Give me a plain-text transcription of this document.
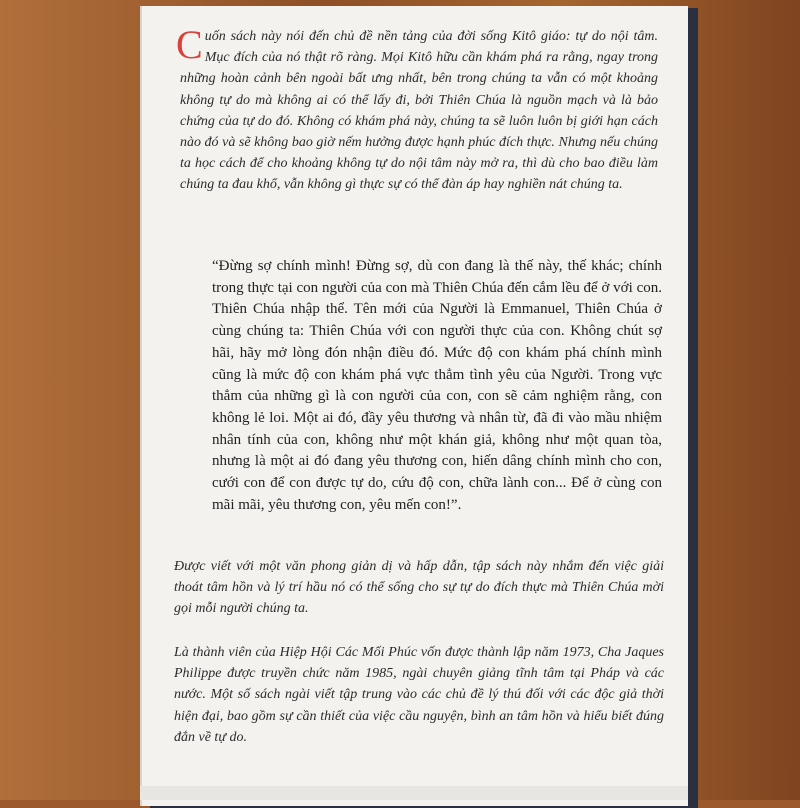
Cuốn sách này nói đến chủ đề nền tảng của đời sống Kitô giáo: tự do nội tâm. Mục đích của nó thật rõ ràng. Mọi Kitô hữu cần khám phá ra rằng, ngay trong những hoàn cảnh bên ngoài bất ưng nhất, bên trong chúng ta vẫn có một khoảng không tự do mà không ai có thể lấy đi, bởi Thiên Chúa là nguồn mạch và là bảo chứng của tự do đó. Không có khám phá này, chúng ta sẽ luôn luôn bị giới hạn cách nào đó và sẽ không bao giờ nếm hưởng được hạnh phúc đích thực. Nhưng nếu chúng ta học cách để cho khoảng không tự do nội tâm này mở ra, thì dù cho bao điều làm chúng ta đau khổ, vẫn không gì thực sự có thể đàn áp hay nghiền nát chúng ta.
“Đừng sợ chính mình! Đừng sợ, dù con đang là thế này, thế khác; chính trong thực tại con người của con mà Thiên Chúa đến cắm lều để ở với con. Thiên Chúa nhập thể. Tên mới của Người là Emmanuel, Thiên Chúa ở cùng chúng ta: Thiên Chúa với con người thực của con. Không chút sợ hãi, hãy mở lòng đón nhận điều đó. Mức độ con khám phá chính mình cũng là mức độ con khám phá vực thẳm tình yêu của Người. Trong vực thẳm của những gì là con người của con, con sẽ cảm nghiệm rằng, con không lẻ loi. Một ai đó, đầy yêu thương và nhân từ, đã đi vào mầu nhiệm nhân tính của con, không như một khán giả, không như một quan tòa, nhưng là một ai đó đang yêu thương con, hiến dâng chính mình cho con, cưới con để con được tự do, cứu độ con, chữa lành con... Để ở cùng con mãi mãi, yêu thương con, yêu mến con!”.
Được viết với một văn phong giản dị và hấp dẫn, tập sách này nhắm đến việc giải thoát tâm hồn và lý trí hầu nó có thể sống cho sự tự do đích thực mà Thiên Chúa mời gọi mỗi người chúng ta.
Là thành viên của Hiệp Hội Các Mối Phúc vốn được thành lập năm 1973, Cha Jaques Philippe được truyền chức năm 1985, ngài chuyên giảng tĩnh tâm tại Pháp và các nước. Một số sách ngài viết tập trung vào các chủ đề lý thú đối với các độc giả thời hiện đại, bao gồm sự cần thiết của việc cầu nguyện, bình an tâm hồn và hiểu biết đúng đắn về tự do.
